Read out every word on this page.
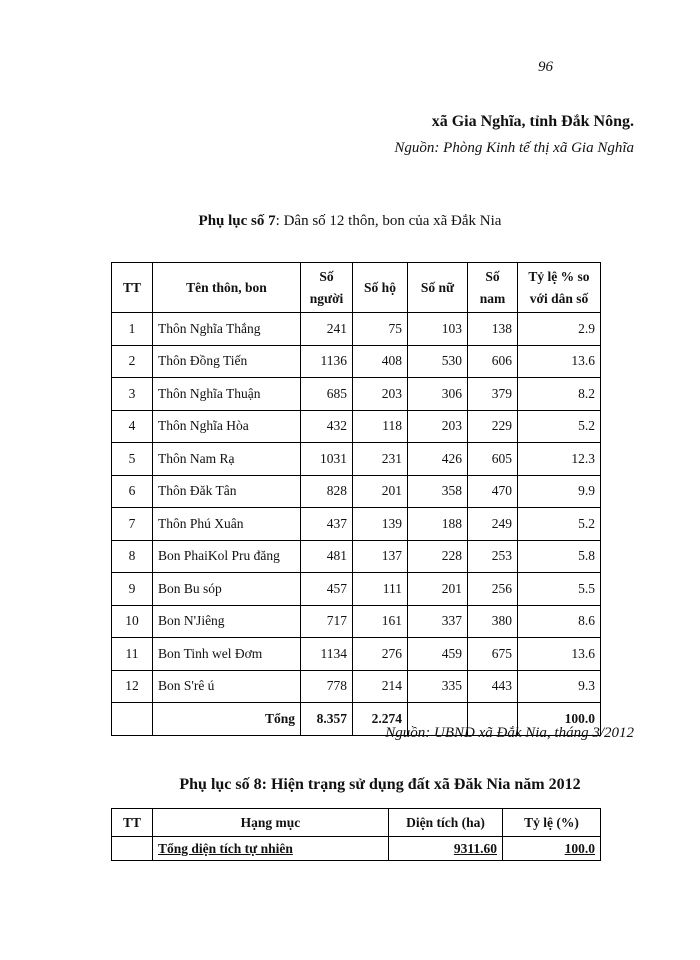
96
xã Gia Nghĩa, tỉnh Đắk Nông.
Nguồn: Phòng Kinh tế thị xã Gia Nghĩa
Phụ lục số 7: Dân số 12 thôn, bon của xã Đắk Nia
TT	Tên thôn, bon	Số người	Số hộ	Số nữ	Số nam	Tỷ lệ % so với dân số
1	Thôn Nghĩa Thắng	241	75	103	138	2.9
2	Thôn Đồng Tiến	1136	408	530	606	13.6
3	Thôn Nghĩa Thuận	685	203	306	379	8.2
4	Thôn Nghĩa Hòa	432	118	203	229	5.2
5	Thôn Nam Rạ	1031	231	426	605	12.3
6	Thôn Đăk Tân	828	201	358	470	9.9
7	Thôn Phú Xuân	437	139	188	249	5.2
8	Bon PhaiKol Pru đăng	481	137	228	253	5.8
9	Bon Bu sóp	457	111	201	256	5.5
10	Bon N'Jiêng	717	161	337	380	8.6
11	Bon Tinh wel Đơm	1134	276	459	675	13.6
12	Bon S'rê ú	778	214	335	443	9.3
	Tổng	8.357	2.274			100.0
Nguồn: UBND xã Đắk Nia, tháng 3/2012
Phụ lục số 8: Hiện trạng sử dụng đất xã Đăk Nia năm 2012
TT	Hạng mục	Diện tích (ha)	Tỷ lệ (%)
	Tổng diện tích tự nhiên	9311.60	100.0
